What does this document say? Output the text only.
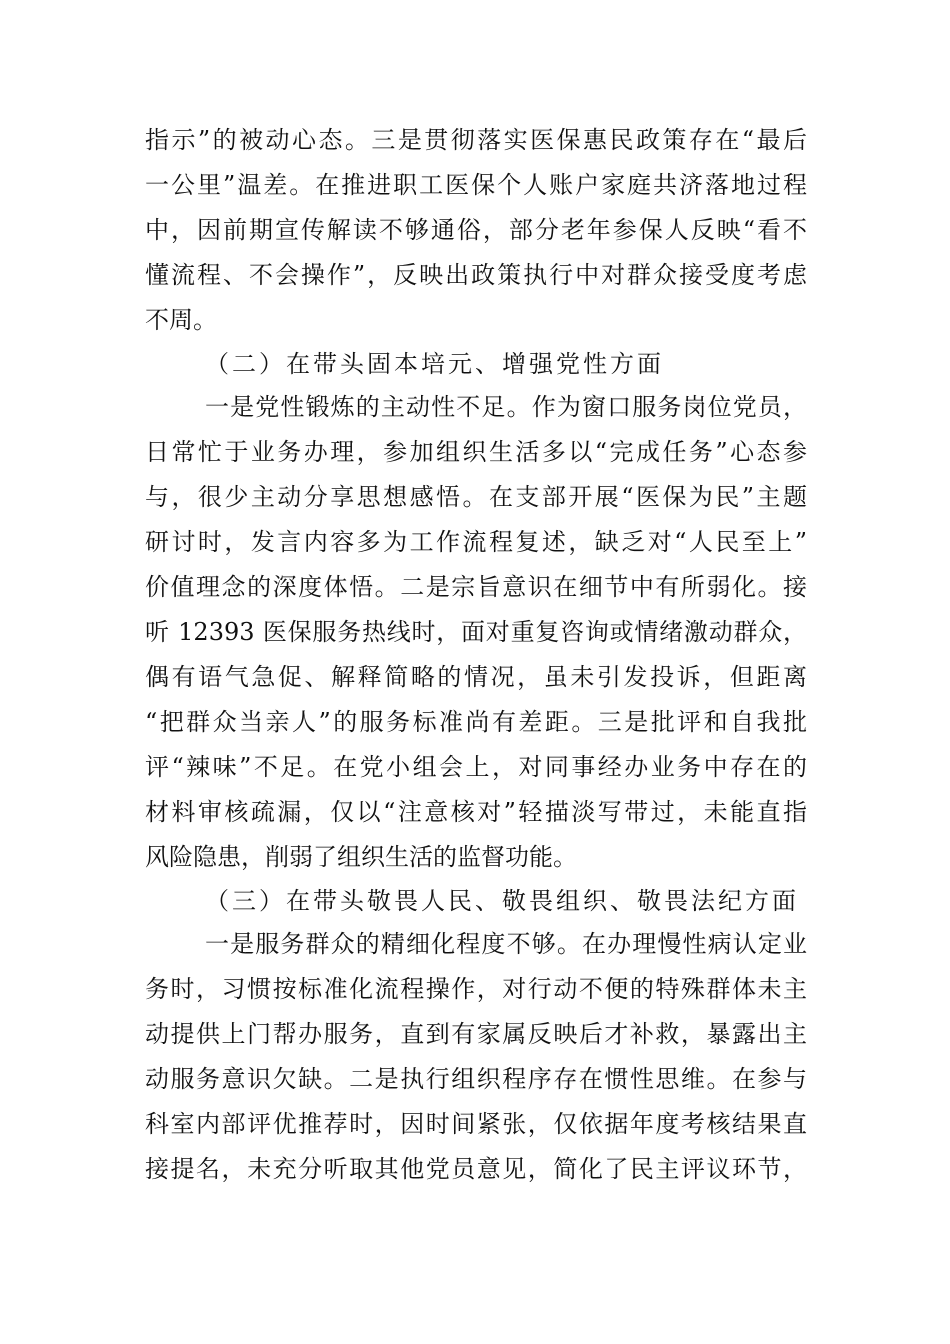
指示”的被动心态。三是贯彻落实医保惠民政策存在“最后
一公里”温差。在推进职工医保个人账户家庭共济落地过程
中，因前期宣传解读不够通俗，部分老年参保人反映“看不
懂流程、不会操作”，反映出政策执行中对群众接受度考虑
不周。
（二）在带头固本培元、增强党性方面
一是党性锻炼的主动性不足。作为窗口服务岗位党员，
日常忙于业务办理，参加组织生活多以“完成任务”心态参
与，很少主动分享思想感悟。在支部开展“医保为民”主题
研讨时，发言内容多为工作流程复述，缺乏对“人民至上”
价值理念的深度体悟。二是宗旨意识在细节中有所弱化。接
听 12393 医保服务热线时，面对重复咨询或情绪激动群众，
偶有语气急促、解释简略的情况，虽未引发投诉，但距离
“把群众当亲人”的服务标准尚有差距。三是批评和自我批
评“辣味”不足。在党小组会上，对同事经办业务中存在的
材料审核疏漏，仅以“注意核对”轻描淡写带过，未能直指
风险隐患，削弱了组织生活的监督功能。
（三）在带头敬畏人民、敬畏组织、敬畏法纪方面
一是服务群众的精细化程度不够。在办理慢性病认定业
务时，习惯按标准化流程操作，对行动不便的特殊群体未主
动提供上门帮办服务，直到有家属反映后才补救，暴露出主
动服务意识欠缺。二是执行组织程序存在惯性思维。在参与
科室内部评优推荐时，因时间紧张，仅依据年度考核结果直
接提名，未充分听取其他党员意见，简化了民主评议环节，
